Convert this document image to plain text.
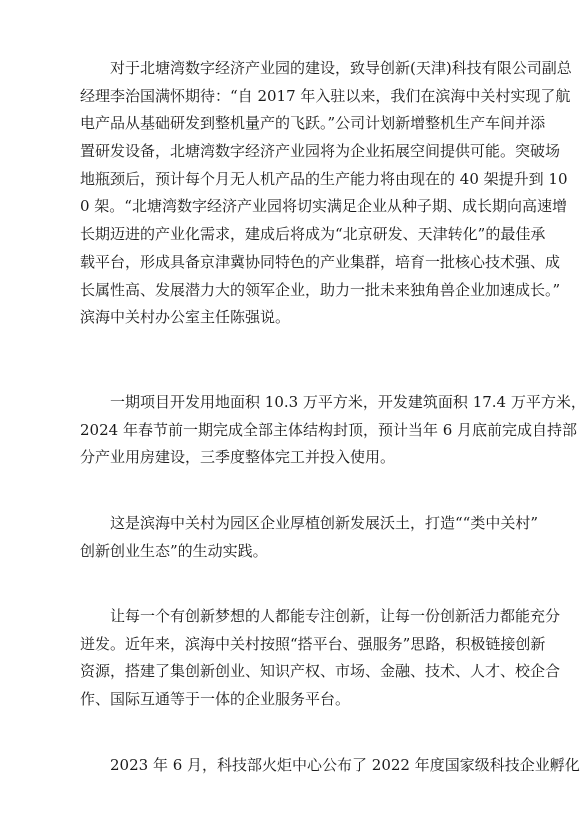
对于北塘湾数字经济产业园的建设，致导创新(天津)科技有限公司副总
经理李治国满怀期待：“自 2017 年入驻以来，我们在滨海中关村实现了航
电产品从基础研发到整机量产的飞跃。”公司计划新增整机生产车间并添
置研发设备，北塘湾数字经济产业园将为企业拓展空间提供可能。突破场
地瓶颈后，预计每个月无人机产品的生产能力将由现在的 40 架提升到 10
0 架。“北塘湾数字经济产业园将切实满足企业从种子期、成长期向高速增
长期迈进的产业化需求，建成后将成为“北京研发、天津转化”的最佳承
载平台，形成具备京津冀协同特色的产业集群，培育一批核心技术强、成
长属性高、发展潜力大的领军企业，助力一批未来独角兽企业加速成长。”
滨海中关村办公室主任陈强说。
一期项目开发用地面积 10.3 万平方米，开发建筑面积 17.4 万平方米，
2024 年春节前一期完成全部主体结构封顶，预计当年 6 月底前完成自持部
分产业用房建设，三季度整体完工并投入使用。
这是滨海中关村为园区企业厚植创新发展沃土，打造““类中关村”
创新创业生态”的生动实践。
让每一个有创新梦想的人都能专注创新，让每一份创新活力都能充分
迸发。近年来，滨海中关村按照“搭平台、强服务”思路，积极链接创新
资源，搭建了集创新创业、知识产权、市场、金融、技术、人才、校企合
作、国际互通等于一体的企业服务平台。
2023 年 6 月，科技部火炬中心公布了 2022 年度国家级科技企业孵化
